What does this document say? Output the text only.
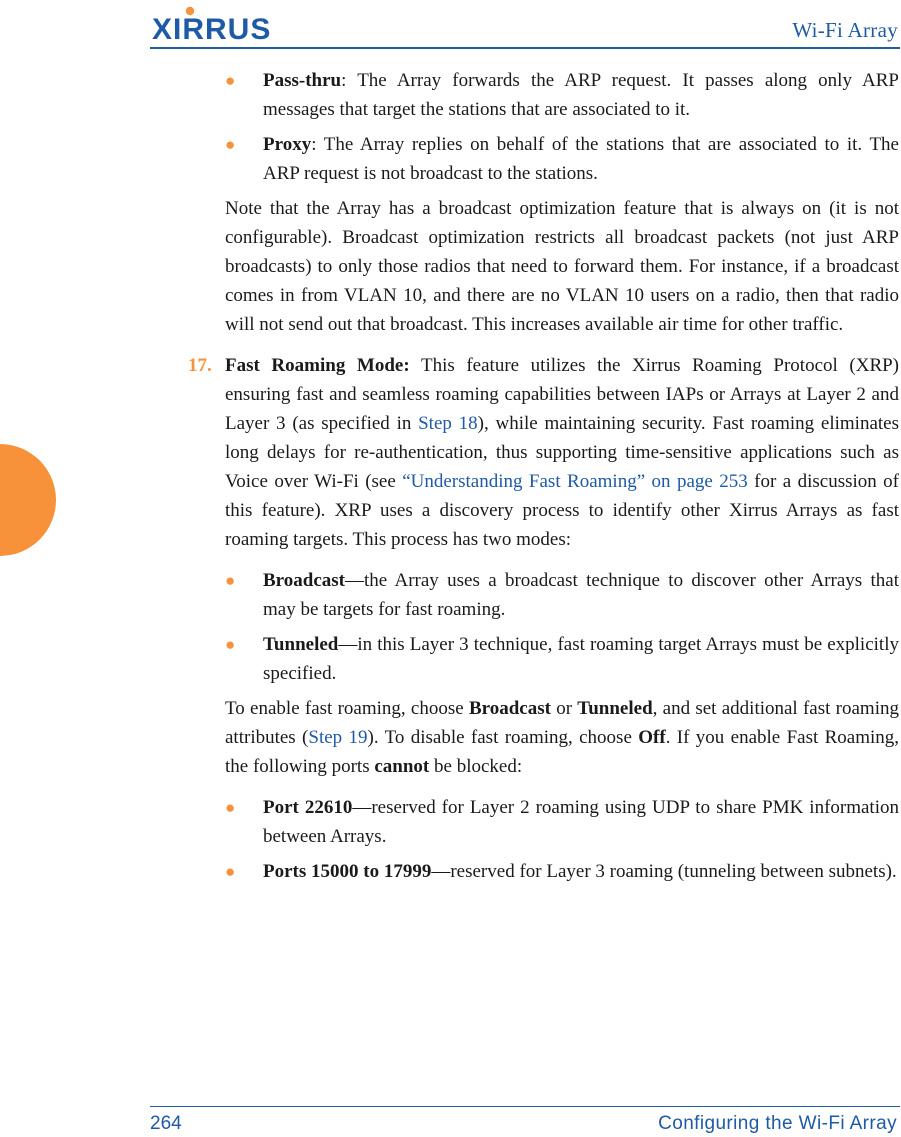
XIRRUS	Wi-Fi Array
● Pass-thru: The Array forwards the ARP request. It passes along only ARP messages that target the stations that are associated to it.

● Proxy: The Array replies on behalf of the stations that are associated to it. The ARP request is not broadcast to the stations.

Note that the Array has a broadcast optimization feature that is always on (it is not configurable). Broadcast optimization restricts all broadcast packets (not just ARP broadcasts) to only those radios that need to forward them. For instance, if a broadcast comes in from VLAN 10, and there are no VLAN 10 users on a radio, then that radio will not send out that broadcast. This increases available air time for other traffic.

17. Fast Roaming Mode: This feature utilizes the Xirrus Roaming Protocol (XRP) ensuring fast and seamless roaming capabilities between IAPs or Arrays at Layer 2 and Layer 3 (as specified in Step 18), while maintaining security. Fast roaming eliminates long delays for re-authentication, thus supporting time-sensitive applications such as Voice over Wi-Fi (see “Understanding Fast Roaming” on page 253 for a discussion of this feature). XRP uses a discovery process to identify other Xirrus Arrays as fast roaming targets. This process has two modes:

● Broadcast—the Array uses a broadcast technique to discover other Arrays that may be targets for fast roaming.

● Tunneled—in this Layer 3 technique, fast roaming target Arrays must be explicitly specified.

To enable fast roaming, choose Broadcast or Tunneled, and set additional fast roaming attributes (Step 19). To disable fast roaming, choose Off. If you enable Fast Roaming, the following ports cannot be blocked:

● Port 22610—reserved for Layer 2 roaming using UDP to share PMK information between Arrays.

● Ports 15000 to 17999—reserved for Layer 3 roaming (tunneling between subnets).

264	Configuring the Wi-Fi Array
